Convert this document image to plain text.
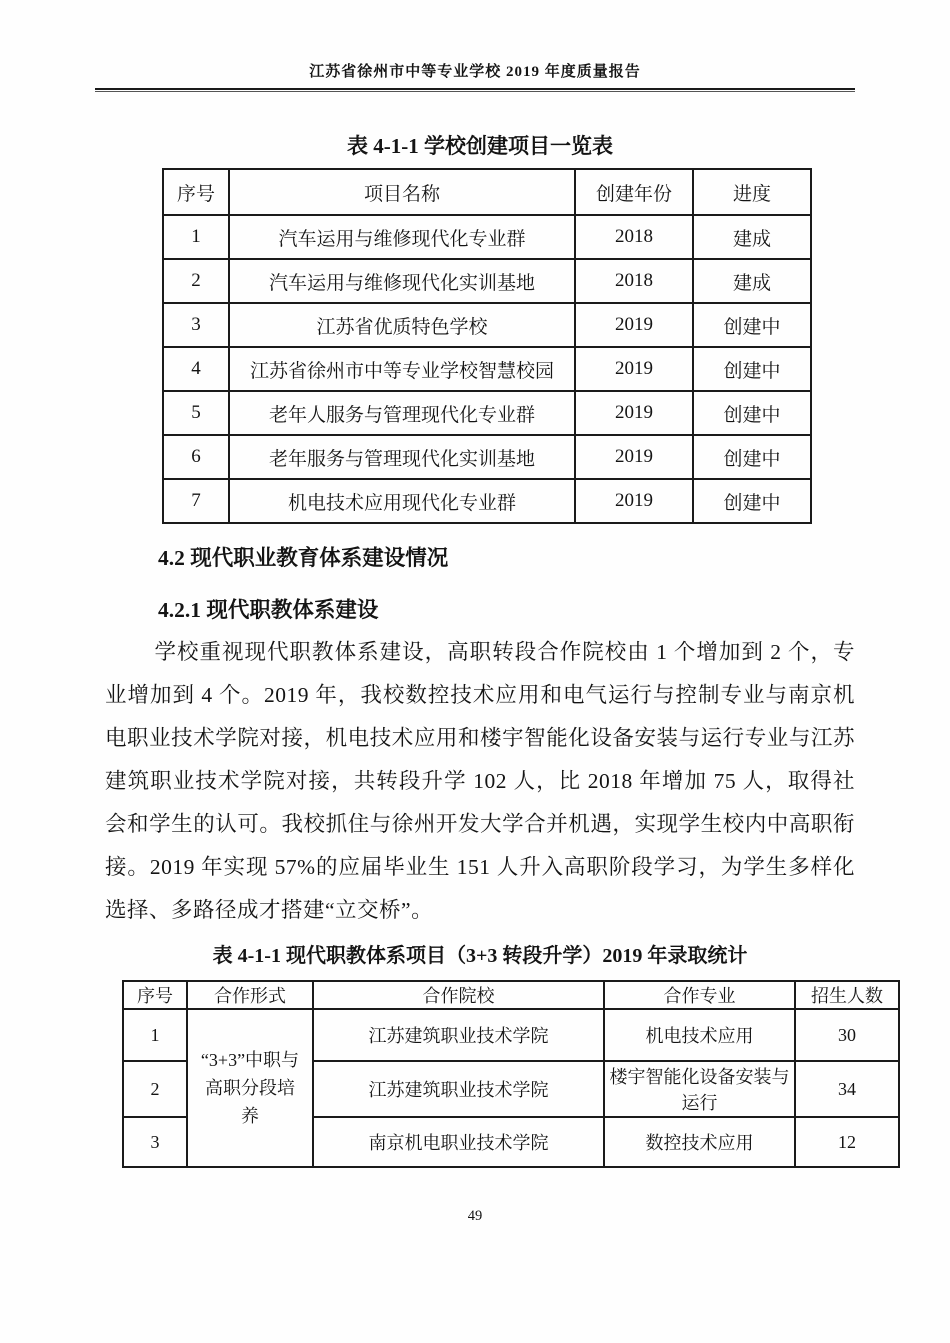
江苏省徐州市中等专业学校 2019 年度质量报告
表 4-1-1 学校创建项目一览表
序号	项目名称	创建年份	进度
1	汽车运用与维修现代化专业群	2018	建成
2	汽车运用与维修现代化实训基地	2018	建成
3	江苏省优质特色学校	2019	创建中
4	江苏省徐州市中等专业学校智慧校园	2019	创建中
5	老年人服务与管理现代化专业群	2019	创建中
6	老年服务与管理现代化实训基地	2019	创建中
7	机电技术应用现代化专业群	2019	创建中
4.2 现代职业教育体系建设情况
4.2.1 现代职教体系建设

学校重视现代职教体系建设，高职转段合作院校由 1 个增加到 2 个，专业增加到 4 个。2019 年，我校数控技术应用和电气运行与控制专业与南京机电职业技术学院对接，机电技术应用和楼宇智能化设备安装与运行专业与江苏建筑职业技术学院对接，共转段升学 102 人，比 2018 年增加 75 人，取得社会和学生的认可。我校抓住与徐州开发大学合并机遇，实现学生校内中高职衔接。2019 年实现 57%的应届毕业生 151 人升入高职阶段学习，为学生多样化选择、多路径成才搭建“立交桥”。

表 4-1-1 现代职教体系项目（3+3 转段升学）2019 年录取统计
序号	合作形式	合作院校	合作专业	招生人数
1	“3+3”中职与高职分段培养	江苏建筑职业技术学院	机电技术应用	30
2		江苏建筑职业技术学院	楼宇智能化设备安装与运行	34
3		南京机电职业技术学院	数控技术应用	12
49
